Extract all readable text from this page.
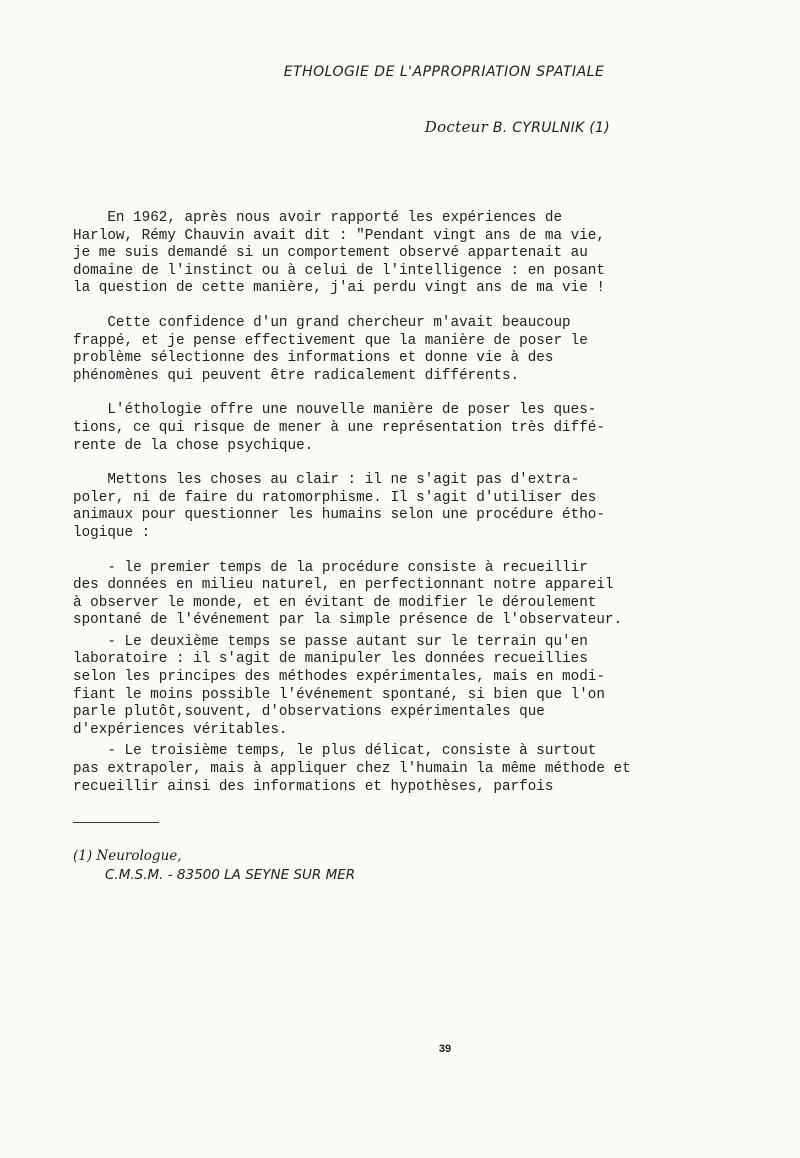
ETHOLOGIE DE L'APPROPRIATION SPATIALE
Docteur B. CYRULNIK (1)

En 1962, après nous avoir rapporté les expériences de
Harlow, Rémy Chauvin avait dit : "Pendant vingt ans de ma vie,
je me suis demandé si un comportement observé appartenait au
domaine de l'instinct ou à celui de l'intelligence : en posant
la question de cette manière, j'ai perdu vingt ans de ma vie !

Cette confidence d'un grand chercheur m'avait beaucoup
frappé, et je pense effectivement que la manière de poser le
problème sélectionne des informations et donne vie à des
phénomènes qui peuvent être radicalement différents.

L'éthologie offre une nouvelle manière de poser les ques-
tions, ce qui risque de mener à une représentation très diffé-
rente de la chose psychique.

Mettons les choses au clair : il ne s'agit pas d'extra-
poler, ni de faire du ratomorphisme. Il s'agit d'utiliser des
animaux pour questionner les humains selon une procédure étho-
logique :

- le premier temps de la procédure consiste à recueillir
des données en milieu naturel, en perfectionnant notre appareil
à observer le monde, et en évitant de modifier le déroulement
spontané de l'événement par la simple présence de l'observateur.

- Le deuxième temps se passe autant sur le terrain qu'en
laboratoire : il s'agit de manipuler les données recueillies
selon les principes des méthodes expérimentales, mais en modi-
fiant le moins possible l'événement spontané, si bien que l'on
parle plutôt,souvent, d'observations expérimentales que
d'expériences véritables.

- Le troisième temps, le plus délicat, consiste à surtout
pas extrapoler, mais à appliquer chez l'humain la même méthode et
recueillir ainsi des informations et hypothèses, parfois

(1) Neurologue,
C.M.S.M. - 83500 LA SEYNE SUR MER
39
